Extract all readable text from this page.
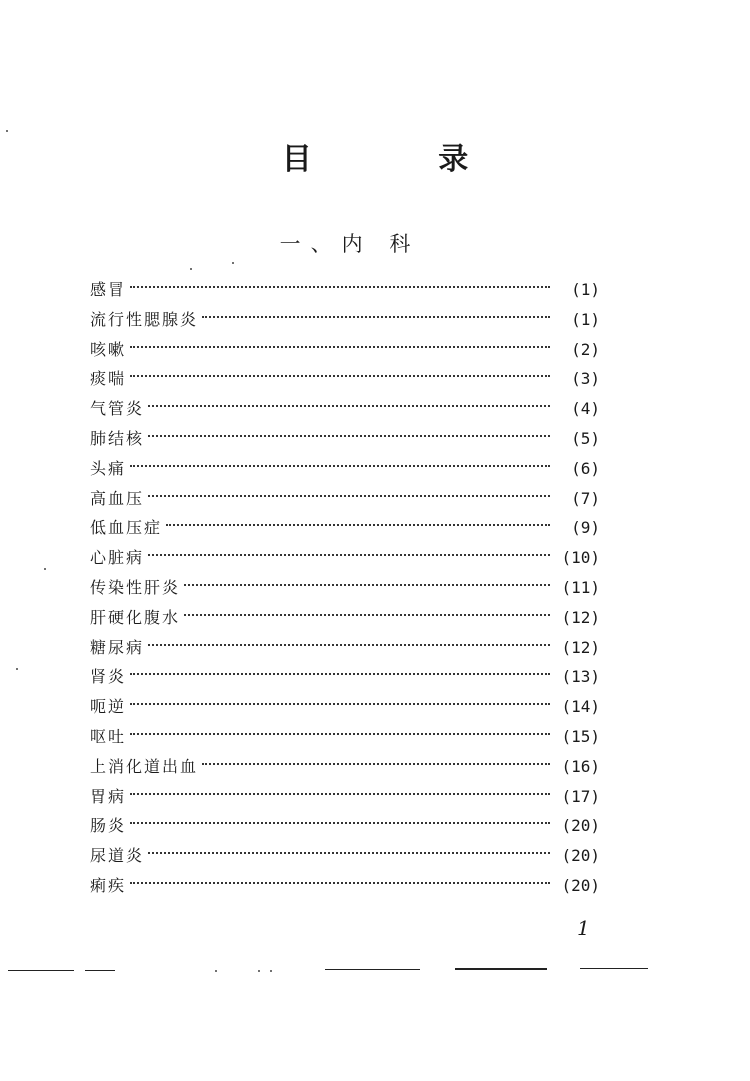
目 录
一、内 科
感冒	(1)
流行性腮腺炎	(1)
咳嗽	(2)
痰喘	(3)
气管炎	(4)
肺结核	(5)
头痛	(6)
高血压	(7)
低血压症	(9)
心脏病	(10)
传染性肝炎	(11)
肝硬化腹水	(12)
糖尿病	(12)
肾炎	(13)
呃逆	(14)
呕吐	(15)
上消化道出血	(16)
胃病	(17)
肠炎	(20)
尿道炎	(20)
痢疾	(20)
1
